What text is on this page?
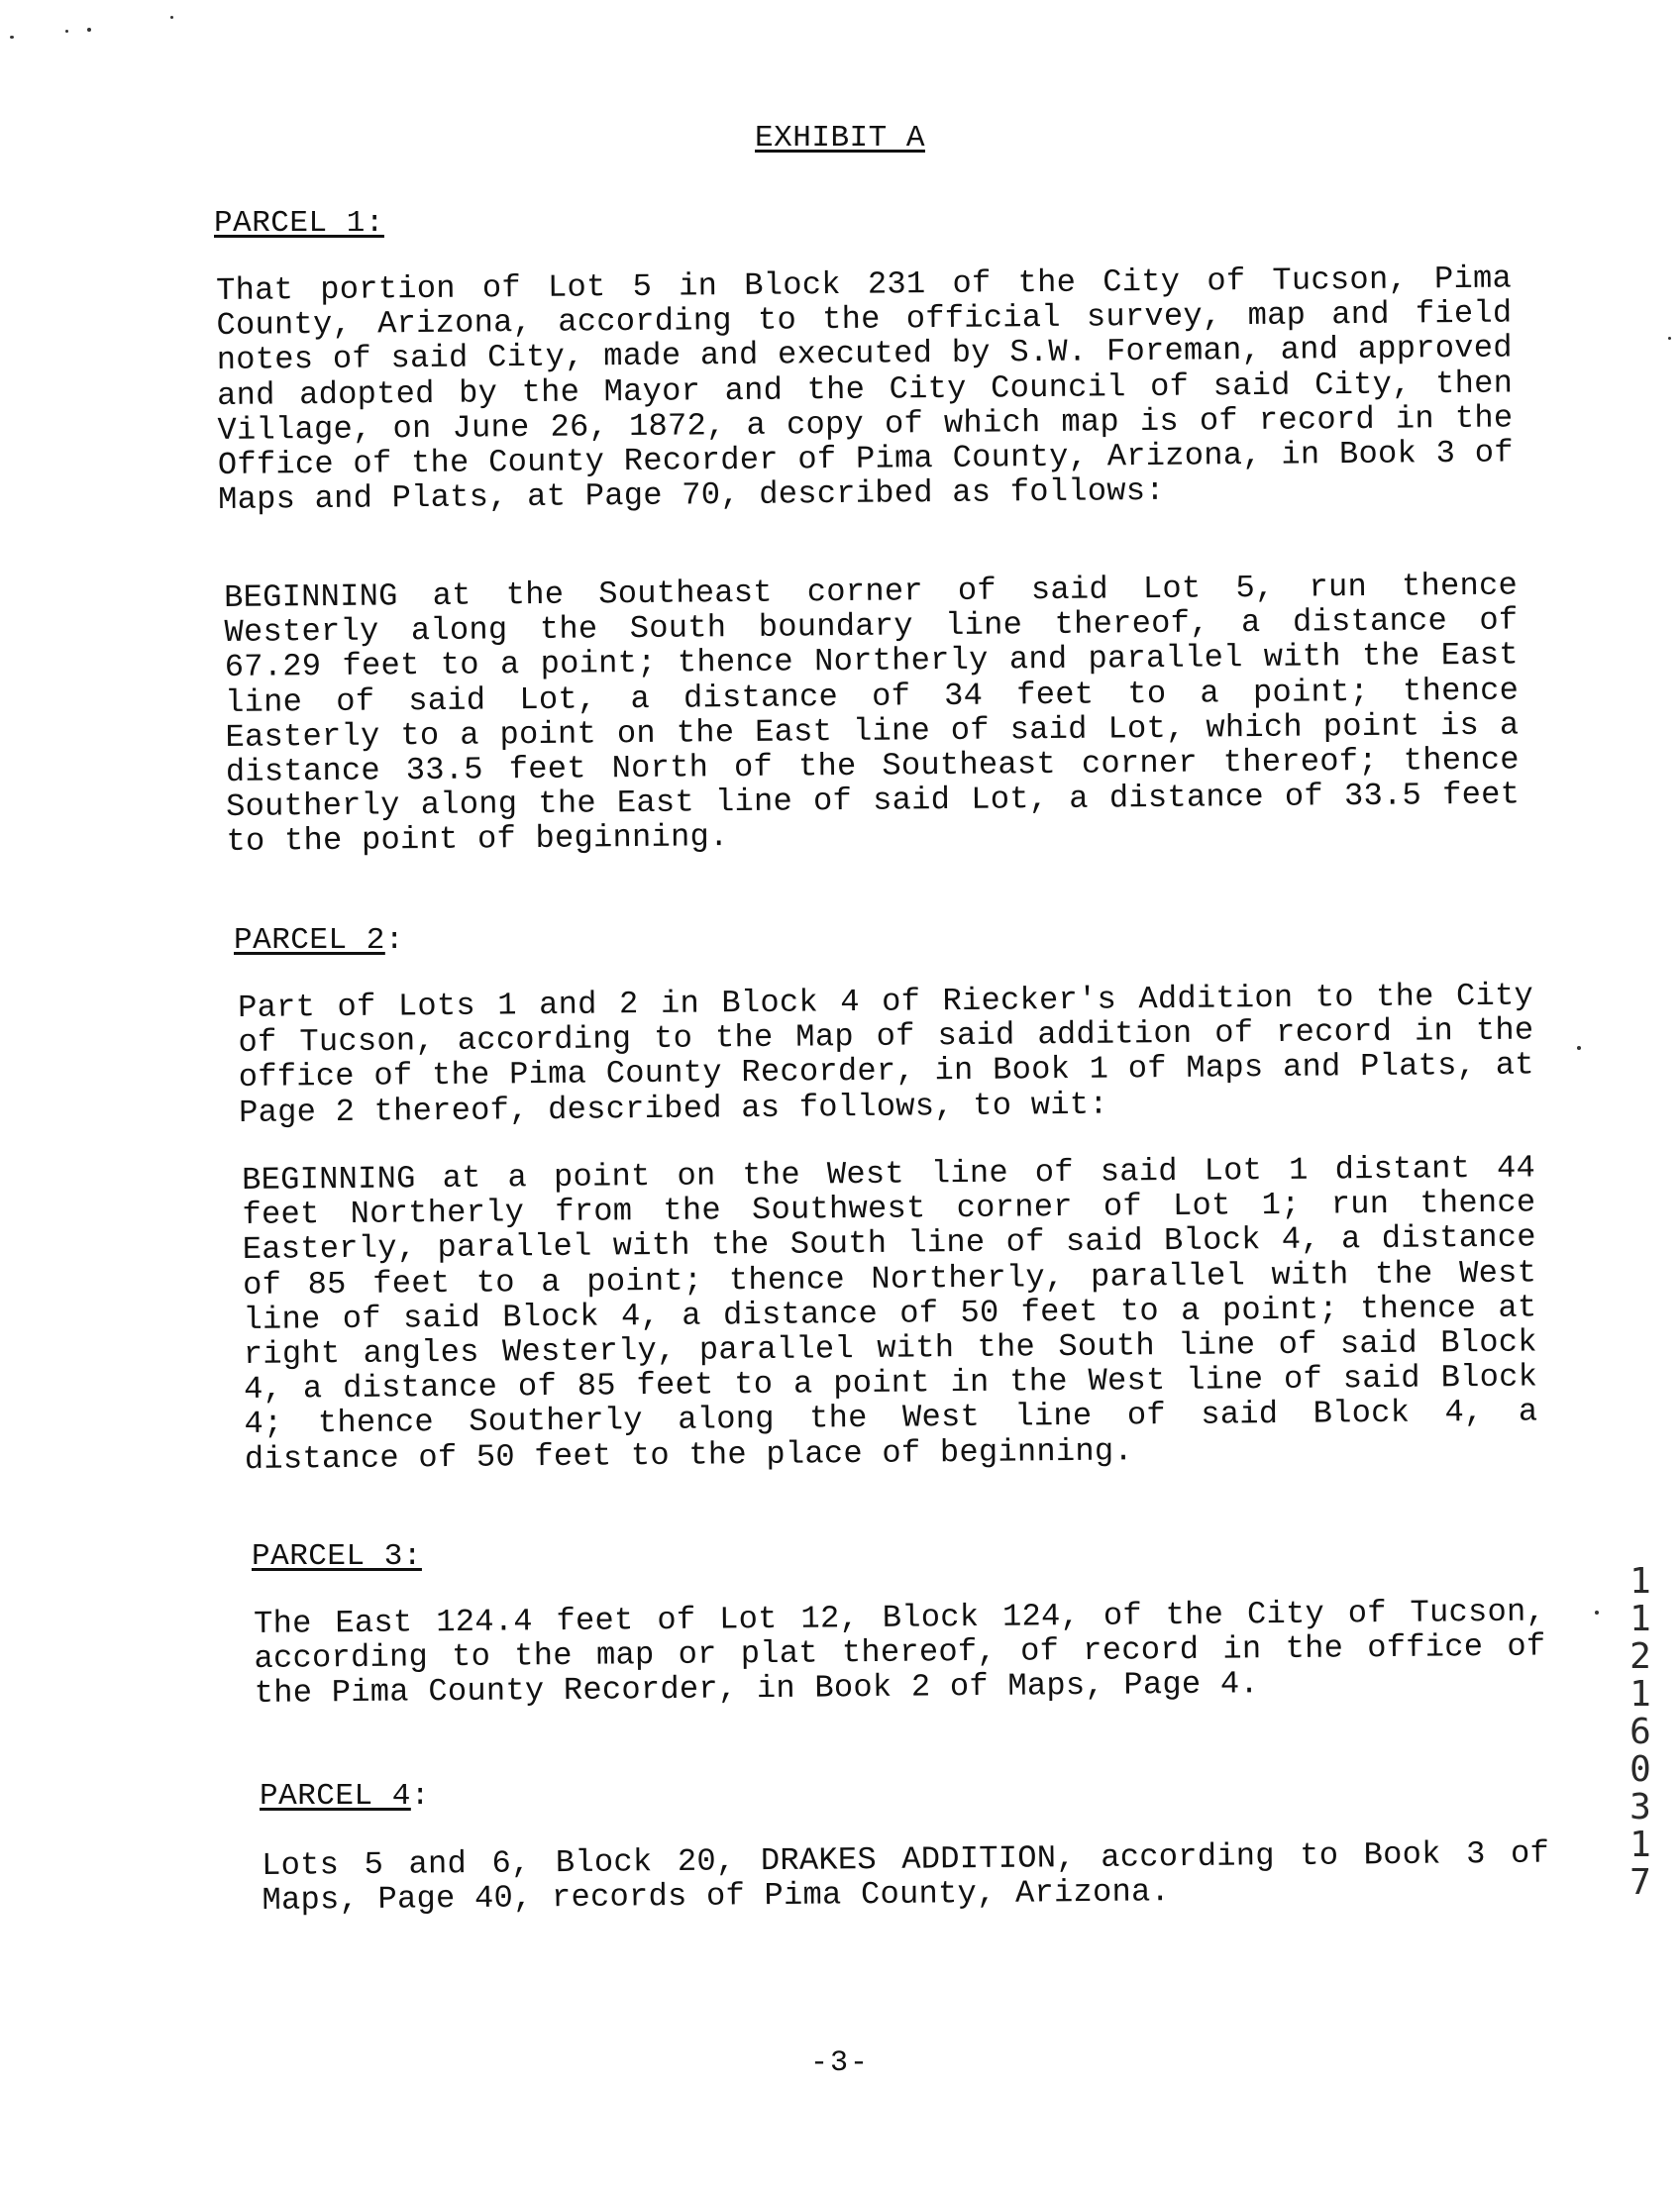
EXHIBIT A
PARCEL 1:

That portion of Lot 5 in Block 231 of the City of Tucson, Pima County, Arizona, according to the official survey, map and field notes of said City, made and executed by S.W. Foreman, and approved and adopted by the Mayor and the City Council of said City, then Village, on June 26, 1872, a copy of which map is of record in the Office of the County Recorder of Pima County, Arizona, in Book 3 of Maps and Plats, at Page 70, described as follows:

BEGINNING at the Southeast corner of said Lot 5, run thence Westerly along the South boundary line thereof, a distance of 67.29 feet to a point; thence Northerly and parallel with the East line of said Lot, a distance of 34 feet to a point; thence Easterly to a point on the East line of said Lot, which point is a distance 33.5 feet North of the Southeast corner thereof; thence Southerly along the East line of said Lot, a distance of 33.5 feet to the point of beginning.

PARCEL 2:

Part of Lots 1 and 2 in Block 4 of Riecker's Addition to the City of Tucson, according to the Map of said addition of record in the office of the Pima County Recorder, in Book 1 of Maps and Plats, at Page 2 thereof, described as follows, to wit:

BEGINNING at a point on the West line of said Lot 1 distant 44 feet Northerly from the Southwest corner of Lot 1; run thence Easterly, parallel with the South line of said Block 4, a distance of 85 feet to a point; thence Northerly, parallel with the West line of said Block 4, a distance of 50 feet to a point; thence at right angles Westerly, parallel with the South line of said Block 4, a distance of 85 feet to a point in the West line of said Block 4; thence Southerly along the West line of said Block 4, a distance of 50 feet to the place of beginning.

PARCEL 3:

The East 124.4 feet of Lot 12, Block 124, of the City of Tucson, according to the map or plat thereof, of record in the office of the Pima County Recorder, in Book 2 of Maps, Page 4.

PARCEL 4:

Lots 5 and 6, Block 20, DRAKES ADDITION, according to Book 3 of Maps, Page 40, records of Pima County, Arizona.

11216 0317
-3-
